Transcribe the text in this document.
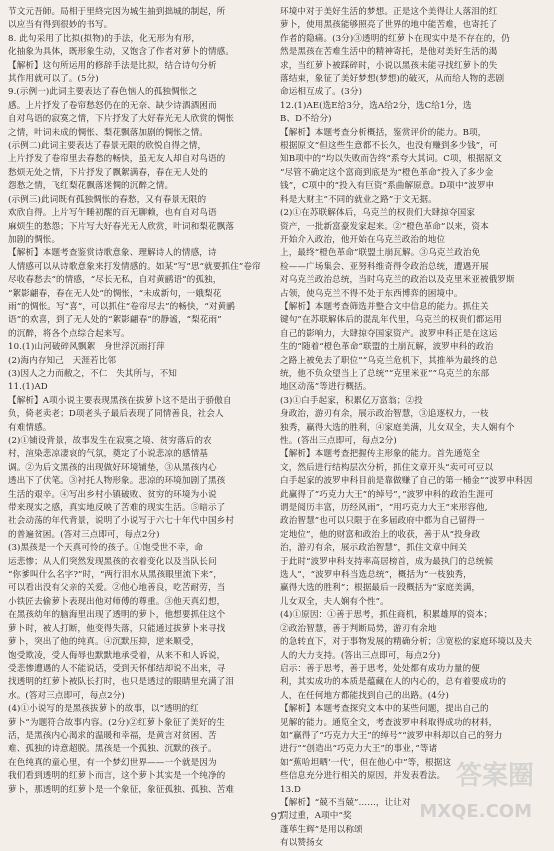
节文元吾師。局相于里終完因为城生抽到拙城的制起，所
以应当有得到很妙的书写。
8. 此句采用了比拟(拟物)的手法，化无形为有形，
化抽象为具体，既形象生动，又饱含了作者对萝卜的情感。
【解析】这句所运用的修辞手法是比拟，结合诗句分析
其作用就可以了。(5分)
9.(示例一)此词主要表达了春色恼人的孤独惆怅之
感。上片抒发了卷帘愁怒仍在的无奈、缺少诗酒酒困而
自对鸟语的寂寞之情，下片抒发了大好春光无人欣赏的惆怅
之情，叶词未成的惆怅、梨花飘落加剧的惆怅之情。
(示例二)此词主要表达了春景无限的欣悦自得之情，
上片抒发了卷帘里去春愁的畅快，虽无友人却自对鸟语的
愁烦无处之情，下片抒发了飘絮满春，春在无人处的
怨愁之情，飞红梨花飘落迷惆的沉醉之情。
(示例三)此词既有孤独惆怅的春愁，又有春景无限的
欢欣自得。上片写午睡初醒的百无聊赖，也有自对鸟语
麻烦生的愁怨；下片写大好春光无人欣赏，叶词和梨花飘落
加剧的惆怅。
【解析】本题考查鉴赏诗歌意象、理解诗人的情感，诗
人情感可以从诗歌意象来打发情感的。如某“写”思“就要抓住”卷帘
尽收春愁去“的情感，“尽长无私，自对黄鹂语“的孤独，
“絮影翩春，春在无人处“的惆怅，“未成新句，一娥梨花
雨“的惆怅。写“喜”，可以抓住“卷帘尽去”的畅快，“对黄鹂
语”的欢喜，到了无人处的“絮影翩春”的静谧，“梨花雨”
的沉醉，将各个点综合起来写。
10.(1)山河破碎风飘絮　身世浮沉雨打萍
(2)海内存知己　天涯若比邻
(3)因人之力而敝之，不仁　失其所与，不知
11.(1)AD
【解析】A项小说主要表现黑孩在拔萝卜这不是出于骄傲自
负，倚老卖老；D项老头子最后表现了同情善良，社会人
有难情感。
(2)①铺设背景，故事发生在寂寞之境、贫穷落后的农
村，渲染悲凉凄哀的气氛，奠定了小说悲凉的感情基
调。②为后文黑孩的出现做好环境铺垫，③从黑孩内心
透出下了伏笔。③衬托人物形象。悲凉的环境加剧了黑孩
生活的艰辛。④写出乡村小镇破败、贫穷的环境为小说
带来现实之感，真实地反映了苦难的现实生活。⑤暗示了
社会动荡的年代背景，说明了小说写于六七十年代中国乡村
的普遍贫困。(答对三点即可，每点2分)
(3)黑孩是一个天真可怜的孩子。①饱受世不幸，命
运悲惨；从人们突然发现黑孩的衣着变化以及当队长问
“你爹叫什么名字?”时，“两行泪水从黑孩眼里流下来”，
可以看出没有父亲的关爱。②他心地善良，吃苦耐劳，当
小铁匠去偷萝卜表现出他对师傅的尊重。③他天真幻想，
在黑孩幼年的脑海里出现了透明的萝卜，他想要抓住这个
萝卜时，被人打断，他变得失落，只能通过拔萝卜来寻找
萝卜，突出了他的纯真。④沉默压抑，逆来顺受，
饱受欺凌，受人侮辱也默默地承受着，从来不和人诉说，
受悲惨遭遇的人不能说话，受到天怀郁结却说不出来，寻
找透明的红萝卜被队长打时，也只是透过的眼睛里充满了泪
水。(答对三点即可，每点2分)
(4)①小说写的是黑孩拔萝卜的故事，以“透明的红
萝卜”为题符合故事内容。(2分)②红萝卜象征了美好的生
活，是黑孩内心渴求的温暖和幸福，是黄言对贫困、苦
难、孤独的诗意超脱。黑孩是一个孤独、沉默的孩子。
在色纯真的童心里，有一个梦幻世界——一个就是因为
我们看到透明的红萝卜而言，这个萝卜其实是一个纯净的
萝卜，那透明的红萝卜是一个象征，象征孤独、孤独、苦难
环境中对于美好生活的梦想。正是这个美得让人落泪的红
萝卜，使用黑孩能够照亮了世界的地中能苦难，也寄托了
作者的隐痛。(3分)③透明的红萝卜在现实中是不存在的，仍
然是黑孩在苦难生活中的精神寄托，是他对美好生活的渴
求，当红萝卜被踩碎时，小说以黑孩未能寻找红萝卜的失
落结束，象征了美好梦想(梦想)的破灭，从而给人物的悲剧
命运相互成了。(3分)
12.(1)AE(选E给3分，选A给2分，选C给1分，选
B、D不给分)
【解析】本题考查分析概括，鉴赏评价的能力。B项，
根据原文“但这些生意都不长久，也没有赚到多少钱”，可
知B项中的“均以失败而告终”系夸大其词。C项，根据原文
“尽管不确定这个富商到底是为“橙色革命”投入了多少金
钱”，C项中的“投入有巨资”系曲解原意。D项中“波罗申
科是大财主”不同的就业之路”于文无据。
(2)①在苏联解体后，乌克兰的权贵们大肆掠夺国家
资产，一批新富豪发家起来。②“橙色革命”以来，资本
开始介入政治，他开始在乌克兰政治的地位
上，最终“橙色革命”联盟土崩瓦解。③乌克兰政治免
检——广场集会、亚努科维奇得令政治总统，遭遇开展
对乌克兰政治总统，当时乌克兰的政治以及克里米亚被俄罗斯
占领，使乌克兰不得不处于东西博弈的困境中。
【解析】本题考查筛选并整合文中信息的能力。抓住关
键句“在苏联解体后的混乱年代里，乌克兰的权贵们都运用
自己的影响力，大肆掠夺国家资产。波罗申科正是在这运
生的“随着“橙色革命”联盟的土崩瓦解，波罗申科的政治
之路上被免去了职位”“乌克兰危机下，其推举为最终的总
统，他不负众望当上了总统”“克里米亚”“乌克兰的东部
地区动荡”等进行概括。
(3)①白手起家，积累亿万富翁；②投
身政治，游刃有余，展示政治智慧，③追逐权力，一枝
独秀，赢得大选的胜利，④家庭美满，儿女双全，夫人娴有个
性。(答出三点即可，每点2分)
【解析】本题考查把握传主形象的能力。首先通览全
文，然后进行结构层次分析，抓住文章开头“卖可可豆以
白手起家的波罗申科目前是靠做赚了自己的第一桶金”“波罗申科因
此赢得了“巧克力大王”的绰号”，”波罗申科的政治生涯可
谓是阅历丰富，历经风雨”，“用巧克力大王”来形容他,
政治智慧”也可以只限于在多届政府中都为自己留得一
定地位”，他的财富和政治上的收获，善于从“投身政
治，游刃有余，展示政治智慧”，抓住文章中间关
于此时“波罗申科支持率高居榜首，成为最执门的总统候
选人”，“波罗申科当选总统”，概括为“一枝独秀，
赢得大选的胜利”；根据最后一段概括为“家庭美满，
儿女双全，夫人娴有个性”。
(4)①原因：①善于思考，抓住商机，积累雄厚的资本；
②政治智慧，善于判断局势，游刃有余地
的急转直下，对于事物发展的精确分析；③宽松的家庭环境以及夫
人的大力支持。(答出三点即可，每点2分)
启示：善于思考，善于思考，处处都有成功力量的便
利，其实成功的本质是蕴藏在人的内心的，总有着要成功的
人，在任何地方都能找到自己的出路。(4分)
【解析】本题考查探究文本中的某些问题，提出自己的
见解的能力。通览全文，考查波罗申科取得成功的材料，
如“赢得了“巧克力大王”的绰号”“波罗申科却以自己的努力
进行”“创造出“巧克力大王”的事业，”等诸
如“蕉哈坦晒‘一代’，但在他心中”等，根据这
些信息充分进行相关的原因，并发表看法。
13.D
【解析】“兢不当兢”……，让让对
罚过重，A项中“奖
蓬荜生辉”是用以称颂
有以赞扬女
97
答案圈
MXQE.COM
